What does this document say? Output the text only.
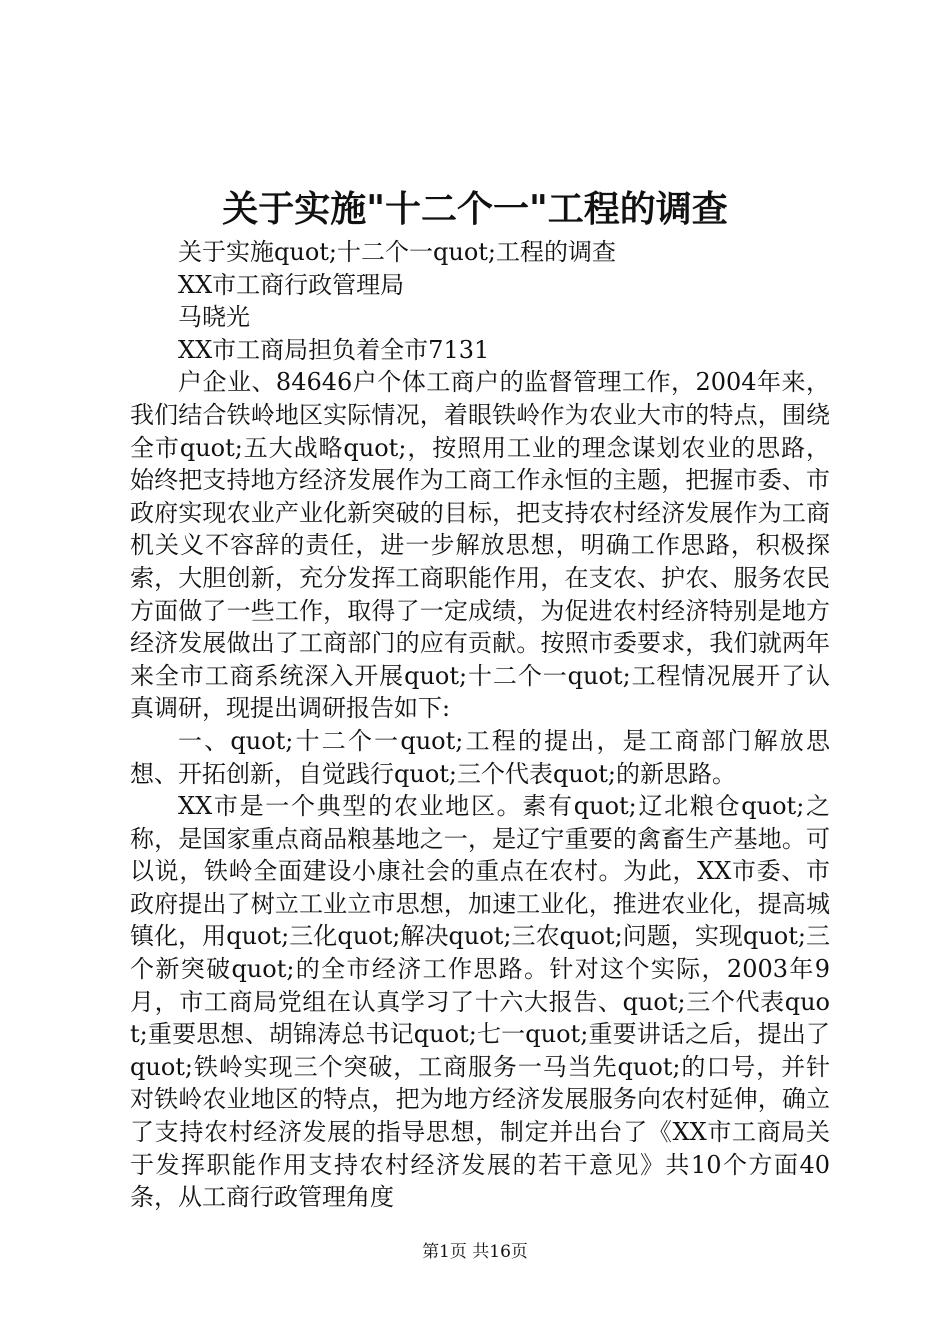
关于实施"十二个一"工程的调查

关于实施quot;十二个一quot;工程的调查

XX市工商行政管理局

马晓光

XX市工商局担负着全市7131

户企业、84646户个体工商户的监督管理工作，2004年来，我们结合铁岭地区实际情况，着眼铁岭作为农业大市的特点，围绕全市quot;五大战略quot;，按照用工业的理念谋划农业的思路，始终把支持地方经济发展作为工商工作永恒的主题，把握市委、市政府实现农业产业化新突破的目标，把支持农村经济发展作为工商机关义不容辞的责任，进一步解放思想，明确工作思路，积极探索，大胆创新，充分发挥工商职能作用，在支农、护农、服务农民方面做了一些工作，取得了一定成绩，为促进农村经济特别是地方经济发展做出了工商部门的应有贡献。按照市委要求，我们就两年来全市工商系统深入开展quot;十二个一quot;工程情况展开了认真调研，现提出调研报告如下:

一、quot;十二个一quot;工程的提出，是工商部门解放思想、开拓创新，自觉践行quot;三个代表quot;的新思路。

XX市是一个典型的农业地区。素有quot;辽北粮仓quot;之称，是国家重点商品粮基地之一，是辽宁重要的禽畜生产基地。可以说，铁岭全面建设小康社会的重点在农村。为此，XX市委、市政府提出了树立工业立市思想，加速工业化，推进农业化，提高城镇化，用quot;三化quot;解决quot;三农quot;问题，实现quot;三个新突破quot;的全市经济工作思路。针对这个实际，2003年9月，市工商局党组在认真学习了十六大报告、quot;三个代表quot;重要思想、胡锦涛总书记quot;七一quot;重要讲话之后，提出了quot;铁岭实现三个突破，工商服务一马当先quot;的口号，并针对铁岭农业地区的特点，把为地方经济发展服务向农村延伸，确立了支持农村经济发展的指导思想，制定并出台了《XX市工商局关于发挥职能作用支持农村经济发展的若干意见》共10个方面40条，从工商行政管理角度

第1页 共16页
